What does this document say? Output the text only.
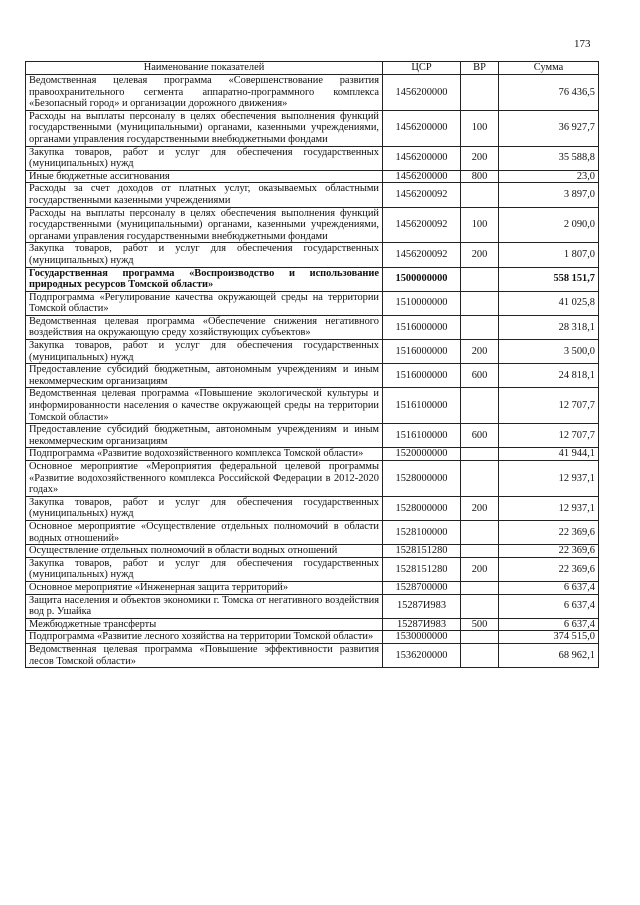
173
Наименование показателей	ЦСР	ВР	Сумма
Ведомственная целевая программа «Совершенствование развития правоохранительного сегмента аппаратно-программного комплекса «Безопасный город» и организации дорожного движения»	1456200000		76 436,5
Расходы на выплаты персоналу в целях обеспечения выполнения функций государственными (муниципальными) органами, казенными учреждениями, органами управления государственными внебюджетными фондами	1456200000	100	36 927,7
Закупка товаров, работ и услуг для обеспечения государственных (муниципальных) нужд	1456200000	200	35 588,8
Иные бюджетные ассигнования	1456200000	800	23,0
Расходы за счет доходов от платных услуг, оказываемых областными государственными казенными учреждениями	1456200092		3 897,0
Расходы на выплаты персоналу в целях обеспечения выполнения функций государственными (муниципальными) органами, казенными учреждениями, органами управления государственными внебюджетными фондами	1456200092	100	2 090,0
Закупка товаров, работ и услуг для обеспечения государственных (муниципальных) нужд	1456200092	200	1 807,0
Государственная программа «Воспроизводство и использование природных ресурсов Томской области»	1500000000		558 151,7
Подпрограмма «Регулирование качества окружающей среды на территории Томской области»	1510000000		41 025,8
Ведомственная целевая программа «Обеспечение снижения негативного воздействия на окружающую среду хозяйствующих субъектов»	1516000000		28 318,1
Закупка товаров, работ и услуг для обеспечения государственных (муниципальных) нужд	1516000000	200	3 500,0
Предоставление субсидий бюджетным, автономным учреждениям и иным некоммерческим организациям	1516000000	600	24 818,1
Ведомственная целевая программа «Повышение экологической культуры и информированности населения о качестве окружающей среды на территории Томской области»	1516100000		12 707,7
Предоставление субсидий бюджетным, автономным учреждениям и иным некоммерческим организациям	1516100000	600	12 707,7
Подпрограмма «Развитие водохозяйственного комплекса Томской области»	1520000000		41 944,1
Основное мероприятие «Мероприятия федеральной целевой программы «Развитие водохозяйственного комплекса Российской Федерации в 2012-2020 годах»	1528000000		12 937,1
Закупка товаров, работ и услуг для обеспечения государственных (муниципальных) нужд	1528000000	200	12 937,1
Основное мероприятие «Осуществление отдельных полномочий в области водных отношений»	1528100000		22 369,6
Осуществление отдельных полномочий в области водных отношений	1528151280		22 369,6
Закупка товаров, работ и услуг для обеспечения государственных (муниципальных) нужд	1528151280	200	22 369,6
Основное мероприятие «Инженерная защита территорий»	1528700000		6 637,4
Защита населения и объектов экономики г. Томска от негативного воздействия вод р. Ушайка	15287И983		6 637,4
Межбюджетные трансферты	15287И983	500	6 637,4
Подпрограмма «Развитие лесного хозяйства на территории Томской области»	1530000000		374 515,0
Ведомственная целевая программа «Повышение эффективности развития лесов Томской области»	1536200000		68 962,1
